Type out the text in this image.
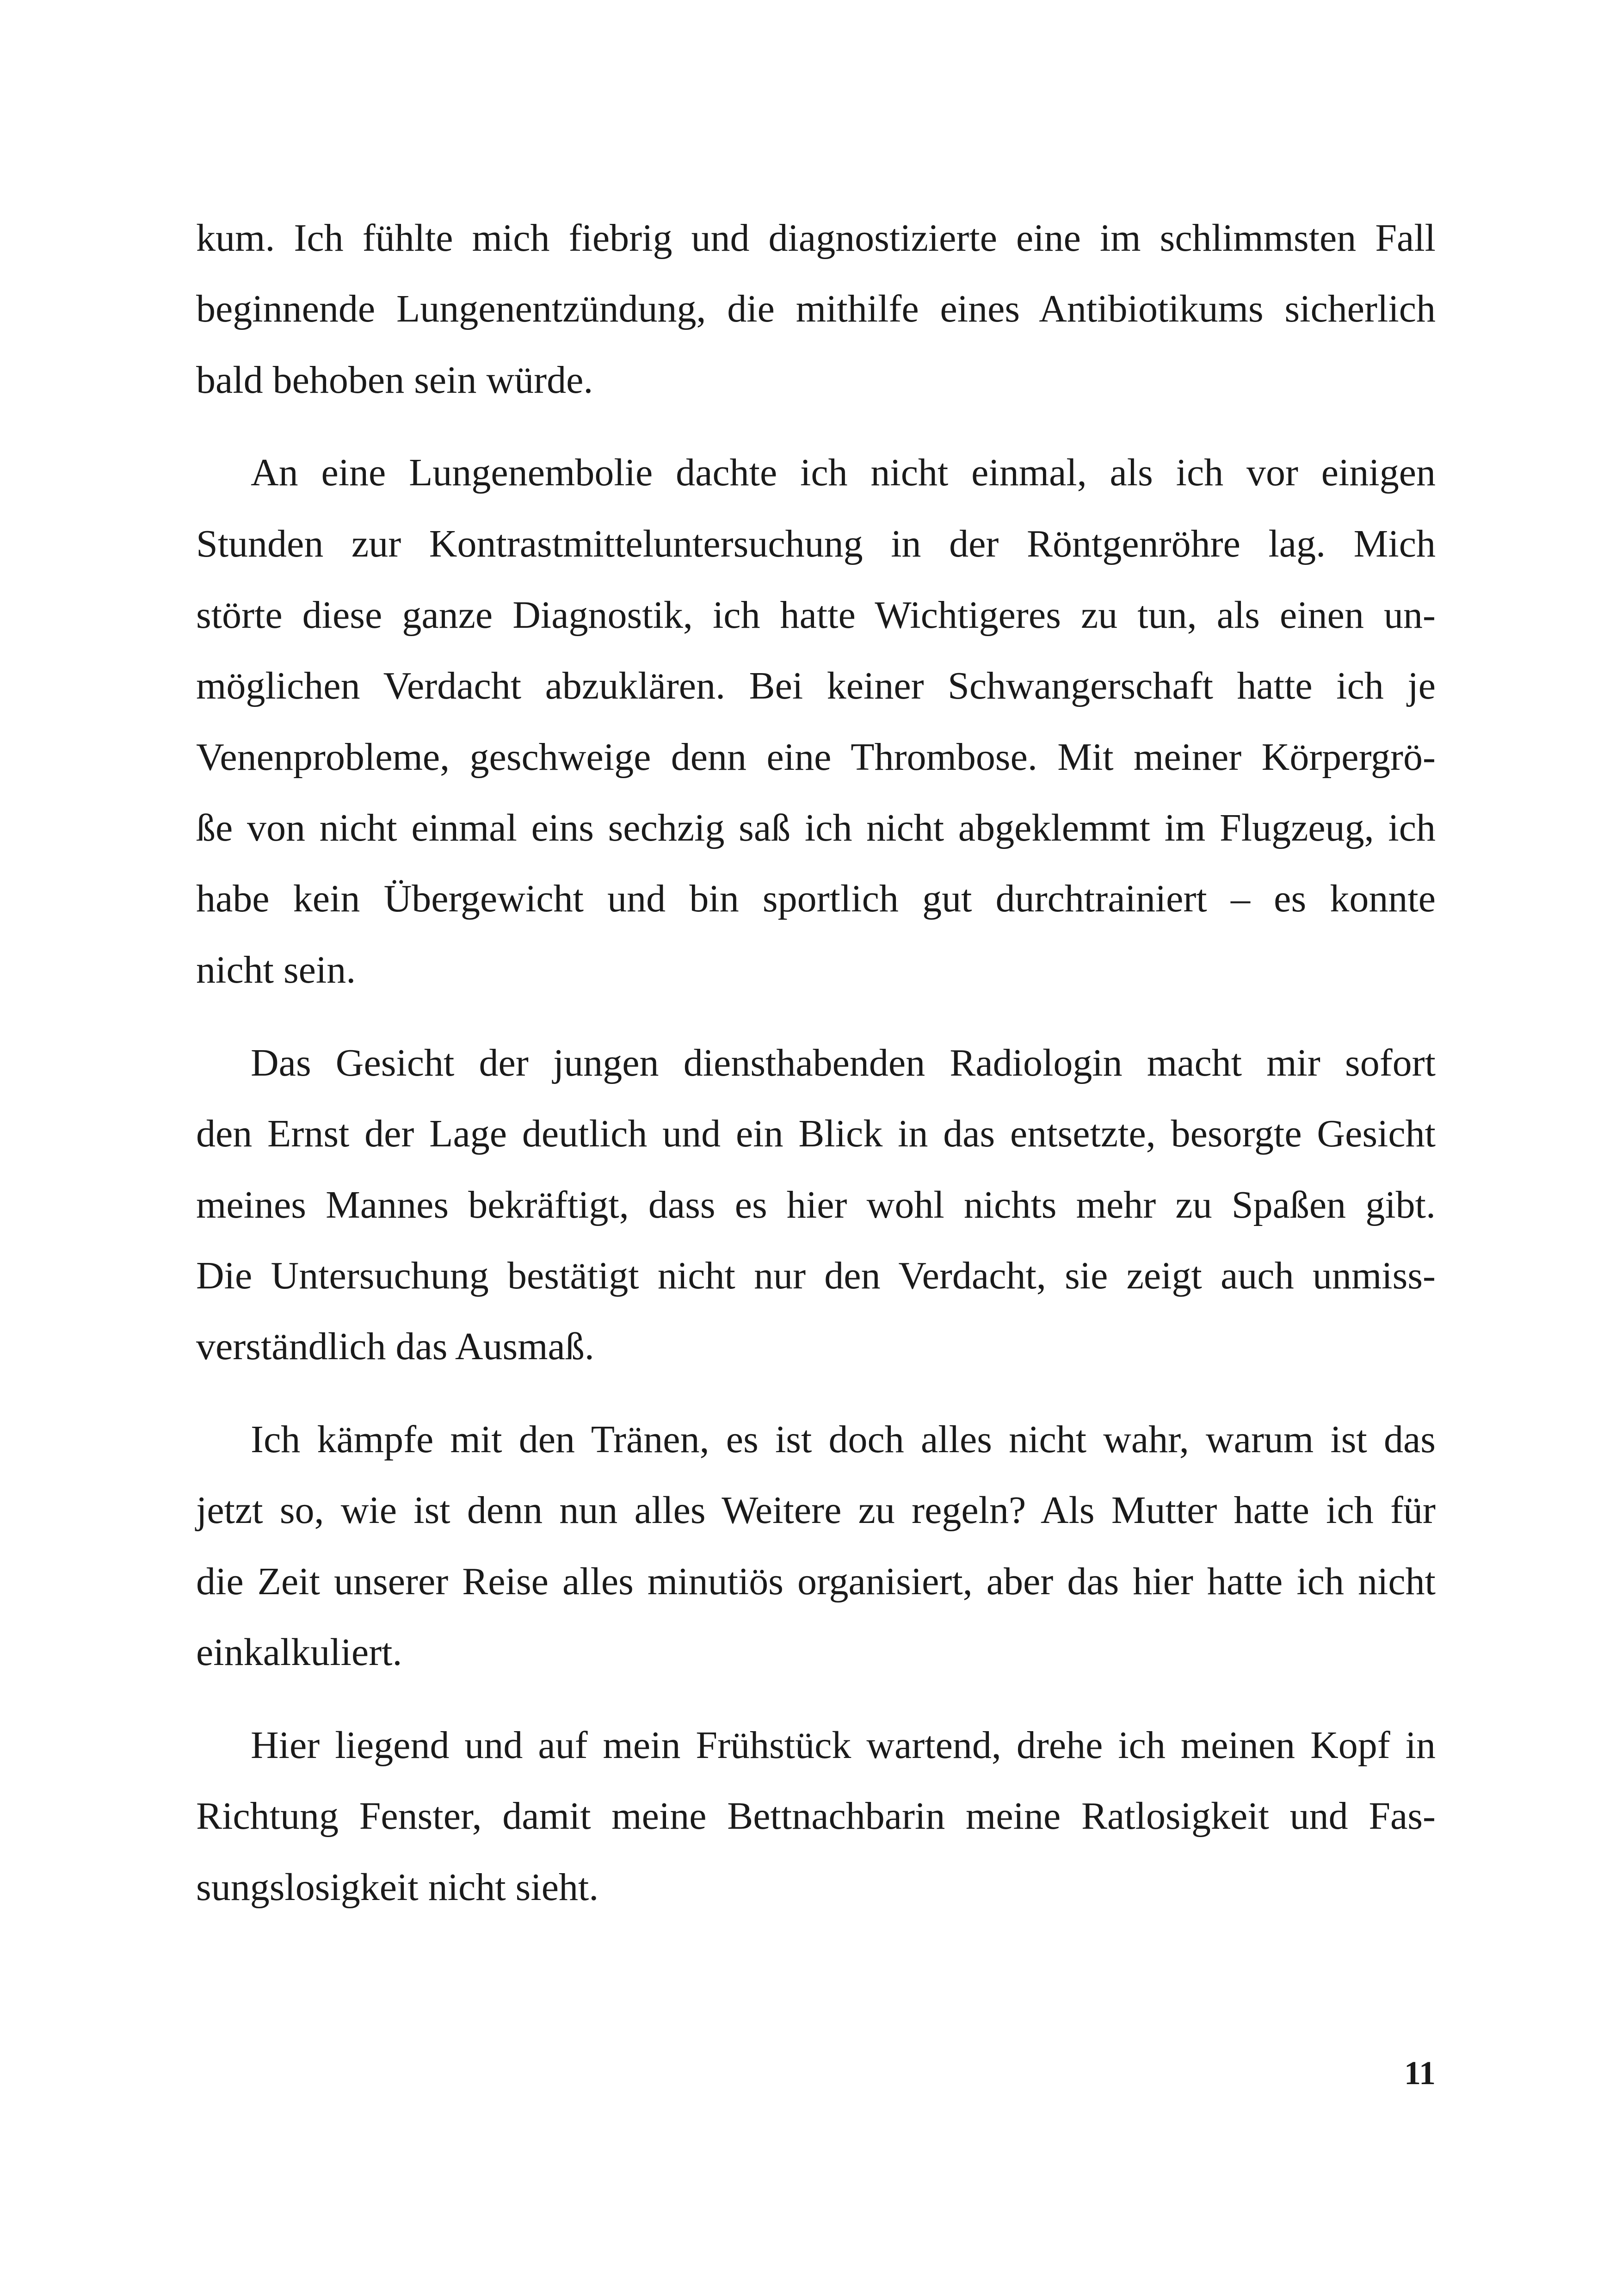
kum. Ich fühlte mich fiebrig und diagnostizierte eine im schlimmsten Fall
beginnende Lungenentzündung, die mithilfe eines Antibiotikums sicherlich
bald behoben sein würde.
An eine Lungenembolie dachte ich nicht einmal, als ich vor einigen
Stunden zur Kontrastmitteluntersuchung in der Röntgenröhre lag. Mich
störte diese ganze Diagnostik, ich hatte Wichtigeres zu tun, als einen un-
möglichen Verdacht abzuklären. Bei keiner Schwangerschaft hatte ich je
Venenprobleme, geschweige denn eine Thrombose. Mit meiner Körpergrö-
ße von nicht einmal eins sechzig saß ich nicht abgeklemmt im Flugzeug, ich
habe kein Übergewicht und bin sportlich gut durchtrainiert – es konnte
nicht sein.
Das Gesicht der jungen diensthabenden Radiologin macht mir sofort
den Ernst der Lage deutlich und ein Blick in das entsetzte, besorgte Gesicht
meines Mannes bekräftigt, dass es hier wohl nichts mehr zu Spaßen gibt.
Die Untersuchung bestätigt nicht nur den Verdacht, sie zeigt auch unmiss-
verständlich das Ausmaß.
Ich kämpfe mit den Tränen, es ist doch alles nicht wahr, warum ist das
jetzt so, wie ist denn nun alles Weitere zu regeln? Als Mutter hatte ich für
die Zeit unserer Reise alles minutiös organisiert, aber das hier hatte ich nicht
einkalkuliert.
Hier liegend und auf mein Frühstück wartend, drehe ich meinen Kopf in
Richtung Fenster, damit meine Bettnachbarin meine Ratlosigkeit und Fas-
sungslosigkeit nicht sieht.
11
